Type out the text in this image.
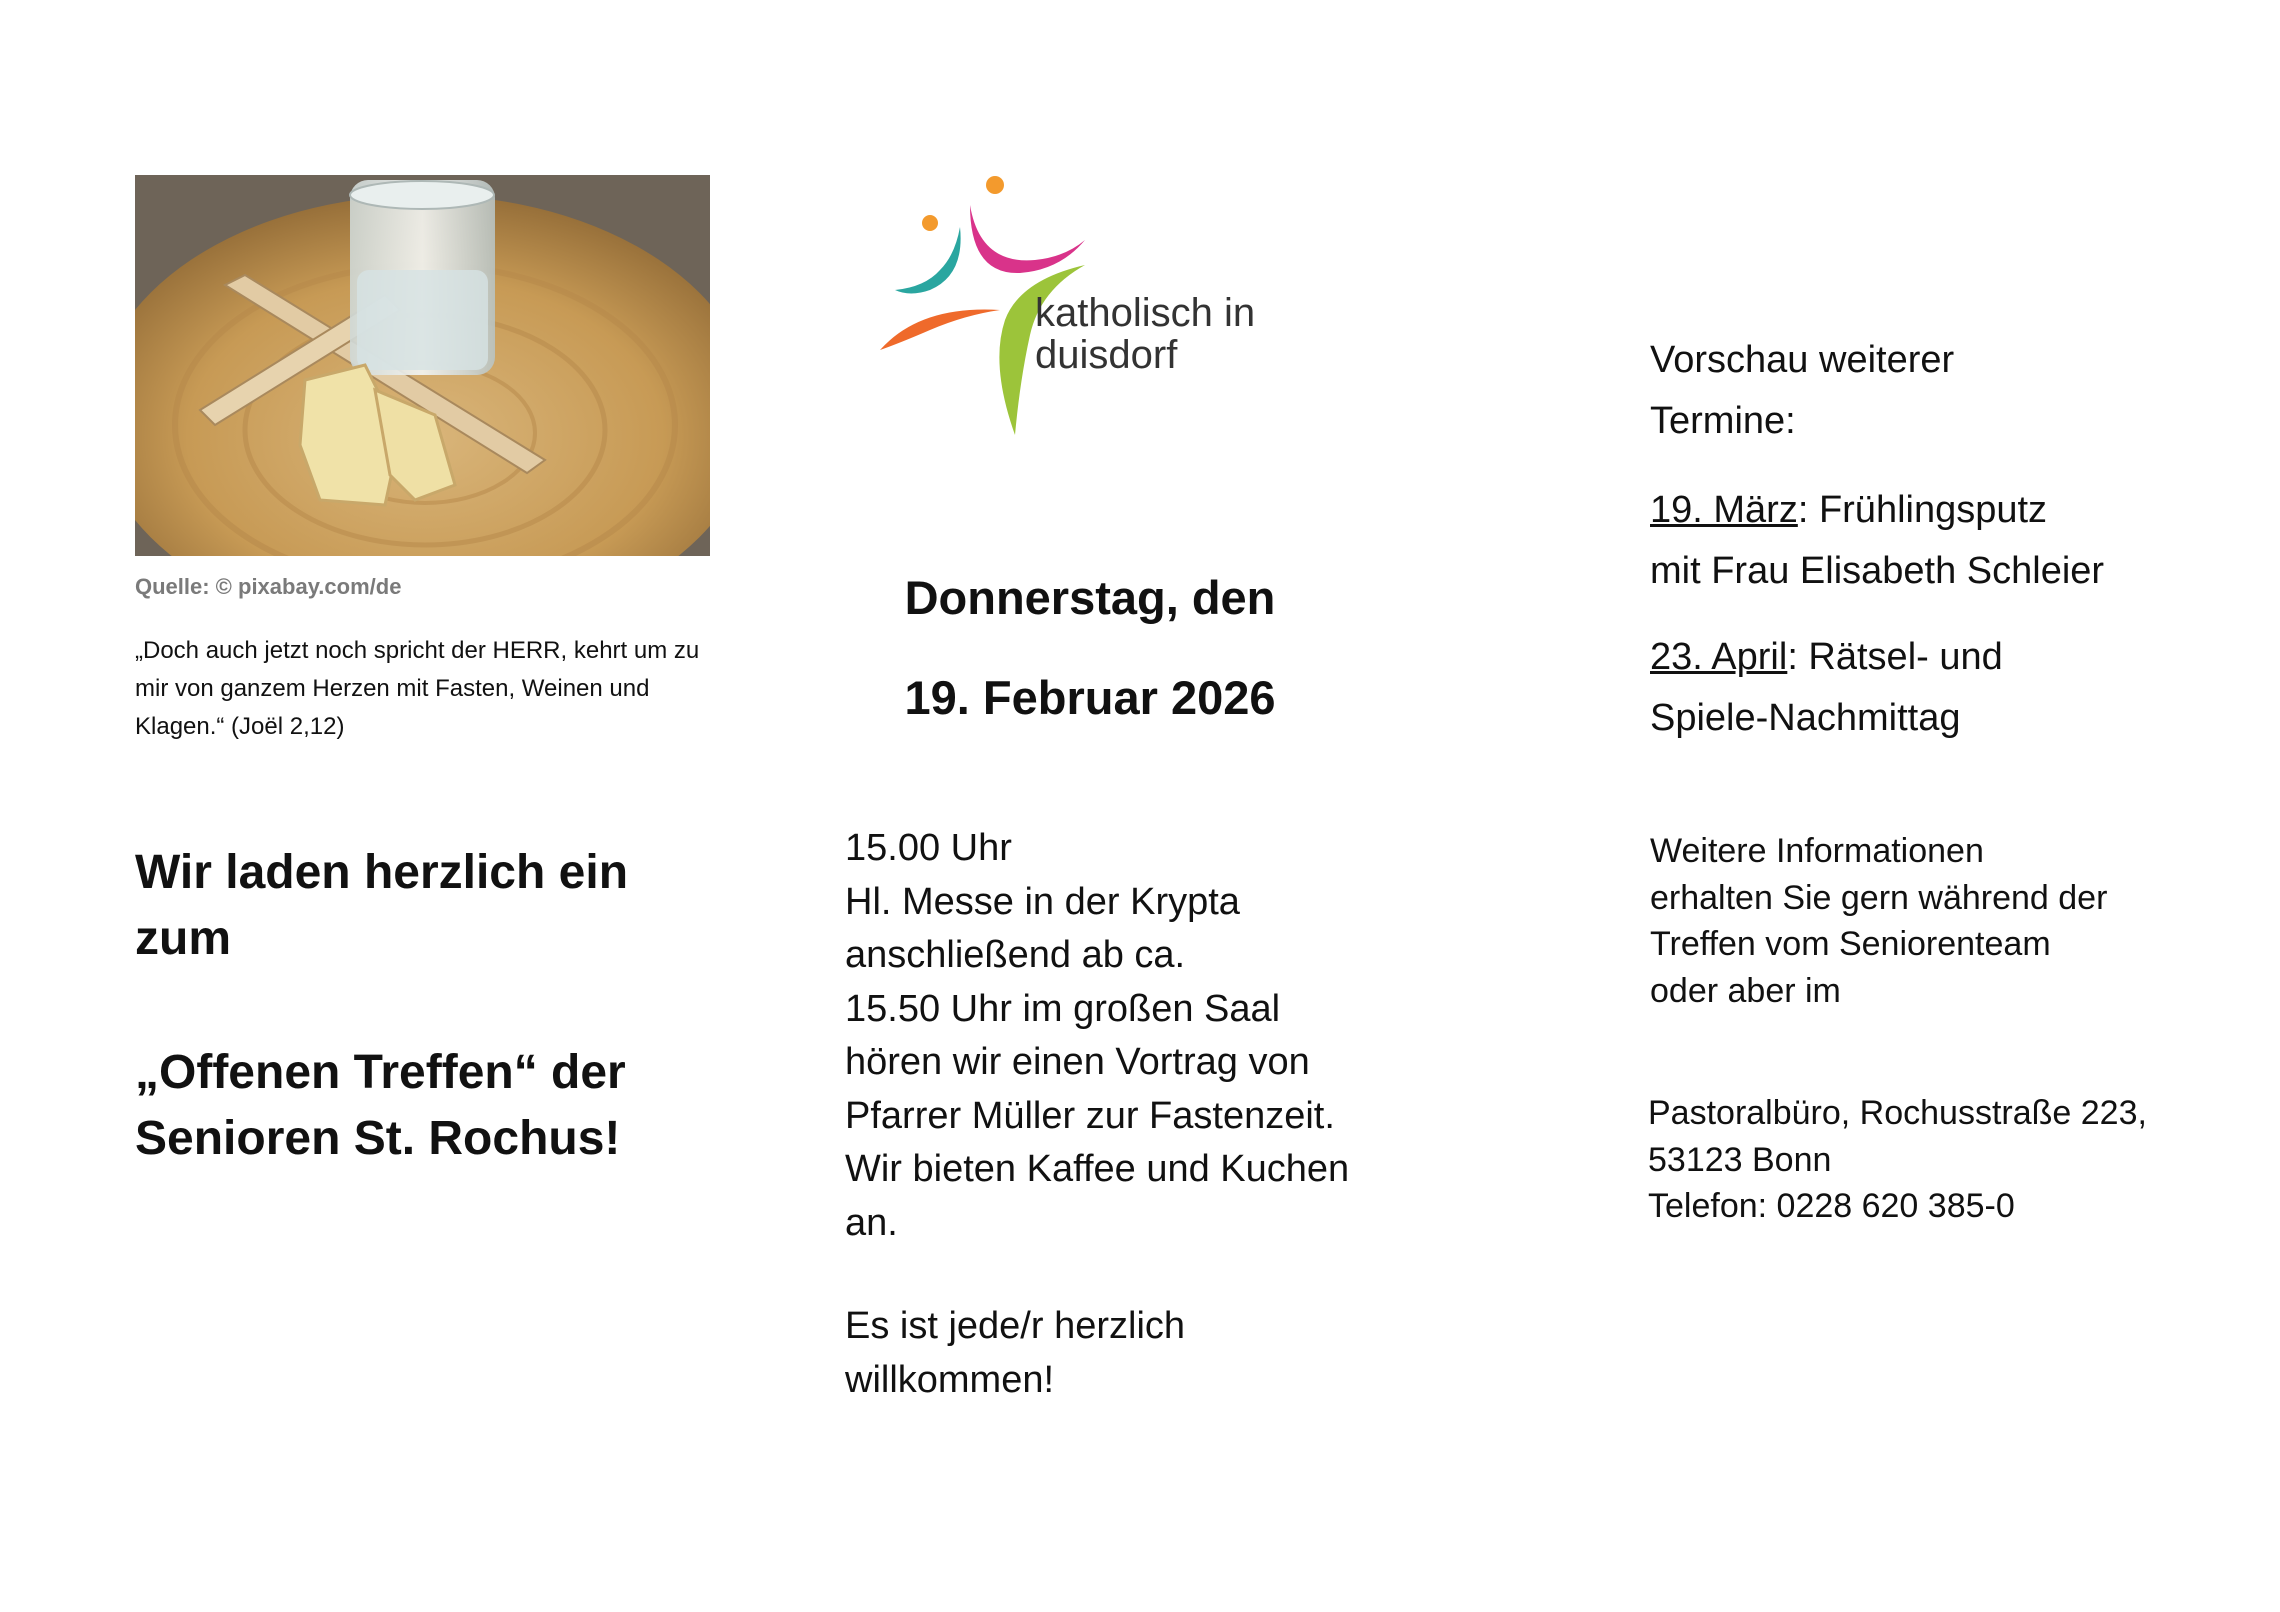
Quelle: © pixabay.com/de
„Doch auch jetzt noch spricht der HERR, kehrt um zu mir von ganzem Herzen mit Fasten, Weinen und Klagen.“ (Joël 2,12)
Wir laden herzlich ein zum
„Offenen Treffen“ der Senioren St. Rochus!
katholisch in
duisdorf
Donnerstag, den
19. Februar 2026
15.00 Uhr
Hl. Messe in der Krypta
anschließend ab ca.
15.50 Uhr im großen Saal
hören wir einen Vortrag von
Pfarrer Müller zur Fastenzeit.
Wir bieten Kaffee und Kuchen
an.
Es ist jede/r herzlich
willkommen!
Vorschau weiterer
Termine:
19. März: Frühlingsputz
mit Frau Elisabeth Schleier
23. April: Rätsel- und
Spiele-Nachmittag
Weitere Informationen
erhalten Sie gern während der
Treffen vom Seniorenteam
oder aber im
Pastoralbüro, Rochusstraße 223,
53123 Bonn
Telefon: 0228 620 385-0
